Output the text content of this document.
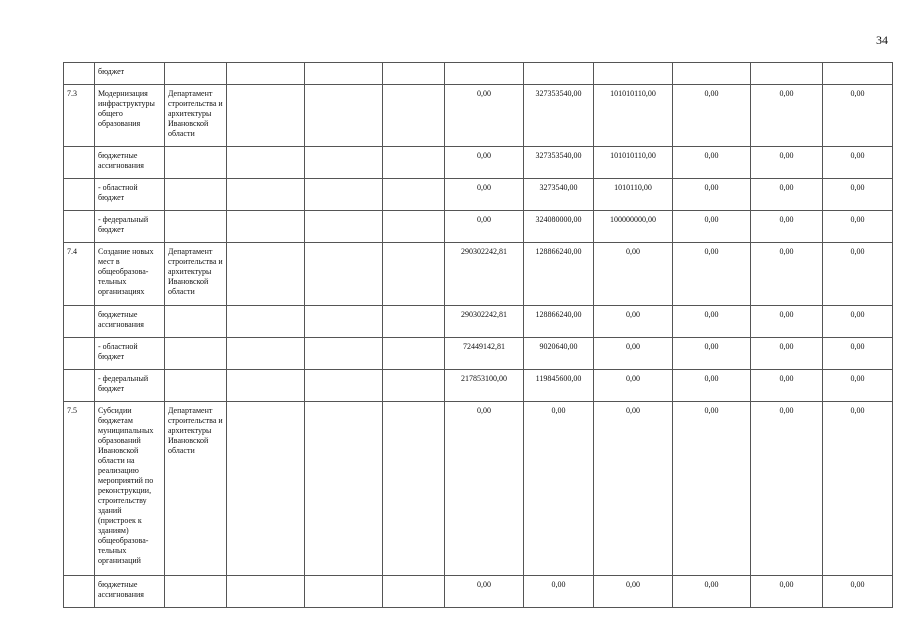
34
	бюджет										
7.3	Модернизация инфраструктуры общего образования	Департамент строительства и архитектуры Ивановской области				0,00	327353540,00	101010110,00	0,00	0,00	0,00
	бюджетные ассигнования					0,00	327353540,00	101010110,00	0,00	0,00	0,00
	- областной бюджет					0,00	3273540,00	1010110,00	0,00	0,00	0,00
	- федеральный бюджет					0,00	324080000,00	100000000,00	0,00	0,00	0,00
7.4	Создание новых мест в общеобразова-тельных организациях	Департамент строительства и архитектуры Ивановской области				290302242,81	128866240,00	0,00	0,00	0,00	0,00
	бюджетные ассигнования					290302242,81	128866240,00	0,00	0,00	0,00	0,00
	- областной бюджет					72449142,81	9020640,00	0,00	0,00	0,00	0,00
	- федеральный бюджет					217853100,00	119845600,00	0,00	0,00	0,00	0,00
7.5	Субсидии бюджетам муниципальных образований Ивановской области на реализацию мероприятий по реконструкции, строительству зданий (пристроек к зданиям) общеобразова-тельных организаций	Департамент строительства и архитектуры Ивановской области				0,00	0,00	0,00	0,00	0,00	0,00
	бюджетные ассигнования					0,00	0,00	0,00	0,00	0,00	0,00
